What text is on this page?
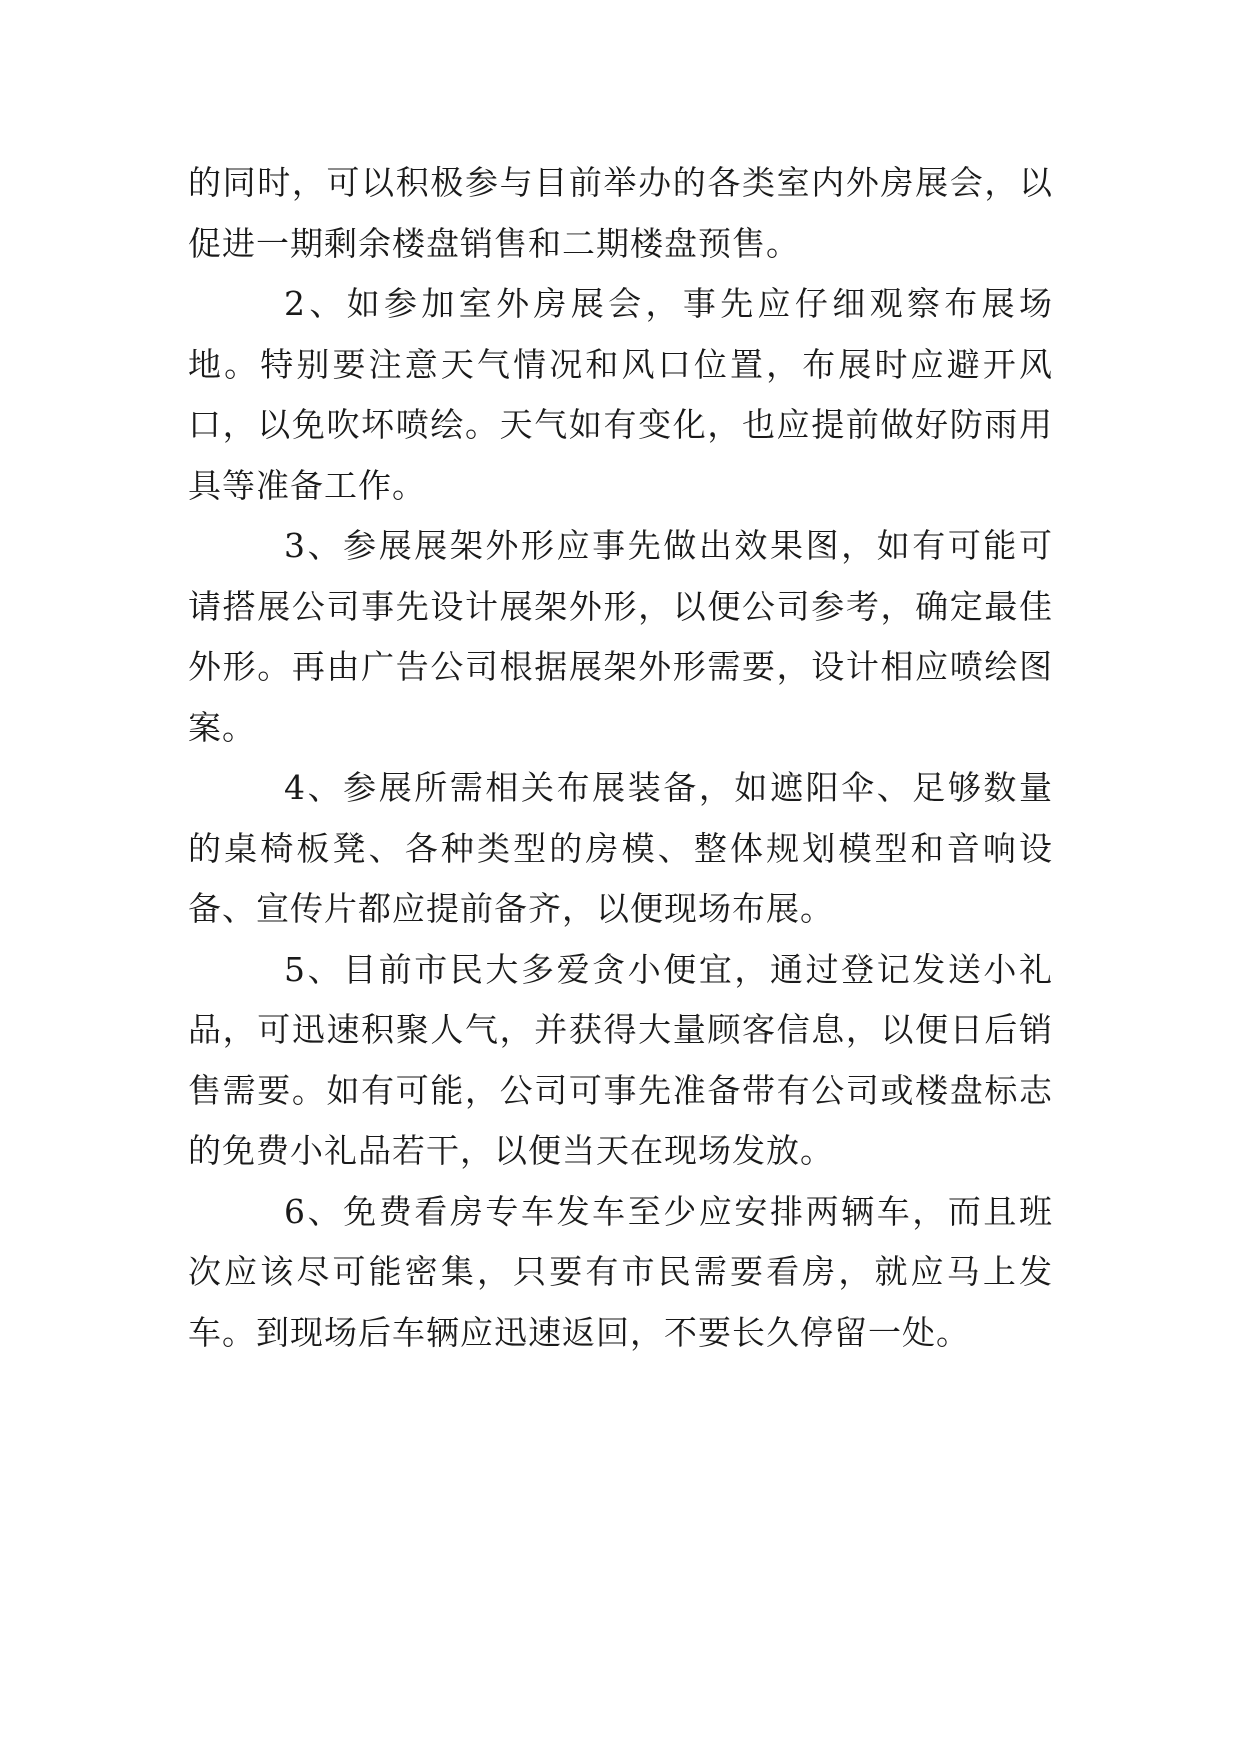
的同时，可以积极参与目前举办的各类室内外房展会，以促进一期剩余楼盘销售和二期楼盘预售。

2、如参加室外房展会，事先应仔细观察布展场地。特别要注意天气情况和风口位置，布展时应避开风口，以免吹坏喷绘。天气如有变化，也应提前做好防雨用具等准备工作。

3、参展展架外形应事先做出效果图，如有可能可请搭展公司事先设计展架外形，以便公司参考，确定最佳外形。再由广告公司根据展架外形需要，设计相应喷绘图案。

4、参展所需相关布展装备，如遮阳伞、足够数量的桌椅板凳、各种类型的房模、整体规划模型和音响设备、宣传片都应提前备齐，以便现场布展。

5、目前市民大多爱贪小便宜，通过登记发送小礼品，可迅速积聚人气，并获得大量顾客信息，以便日后销售需要。如有可能，公司可事先准备带有公司或楼盘标志的免费小礼品若干，以便当天在现场发放。

6、免费看房专车发车至少应安排两辆车，而且班次应该尽可能密集，只要有市民需要看房，就应马上发车。到现场后车辆应迅速返回，不要长久停留一处。
